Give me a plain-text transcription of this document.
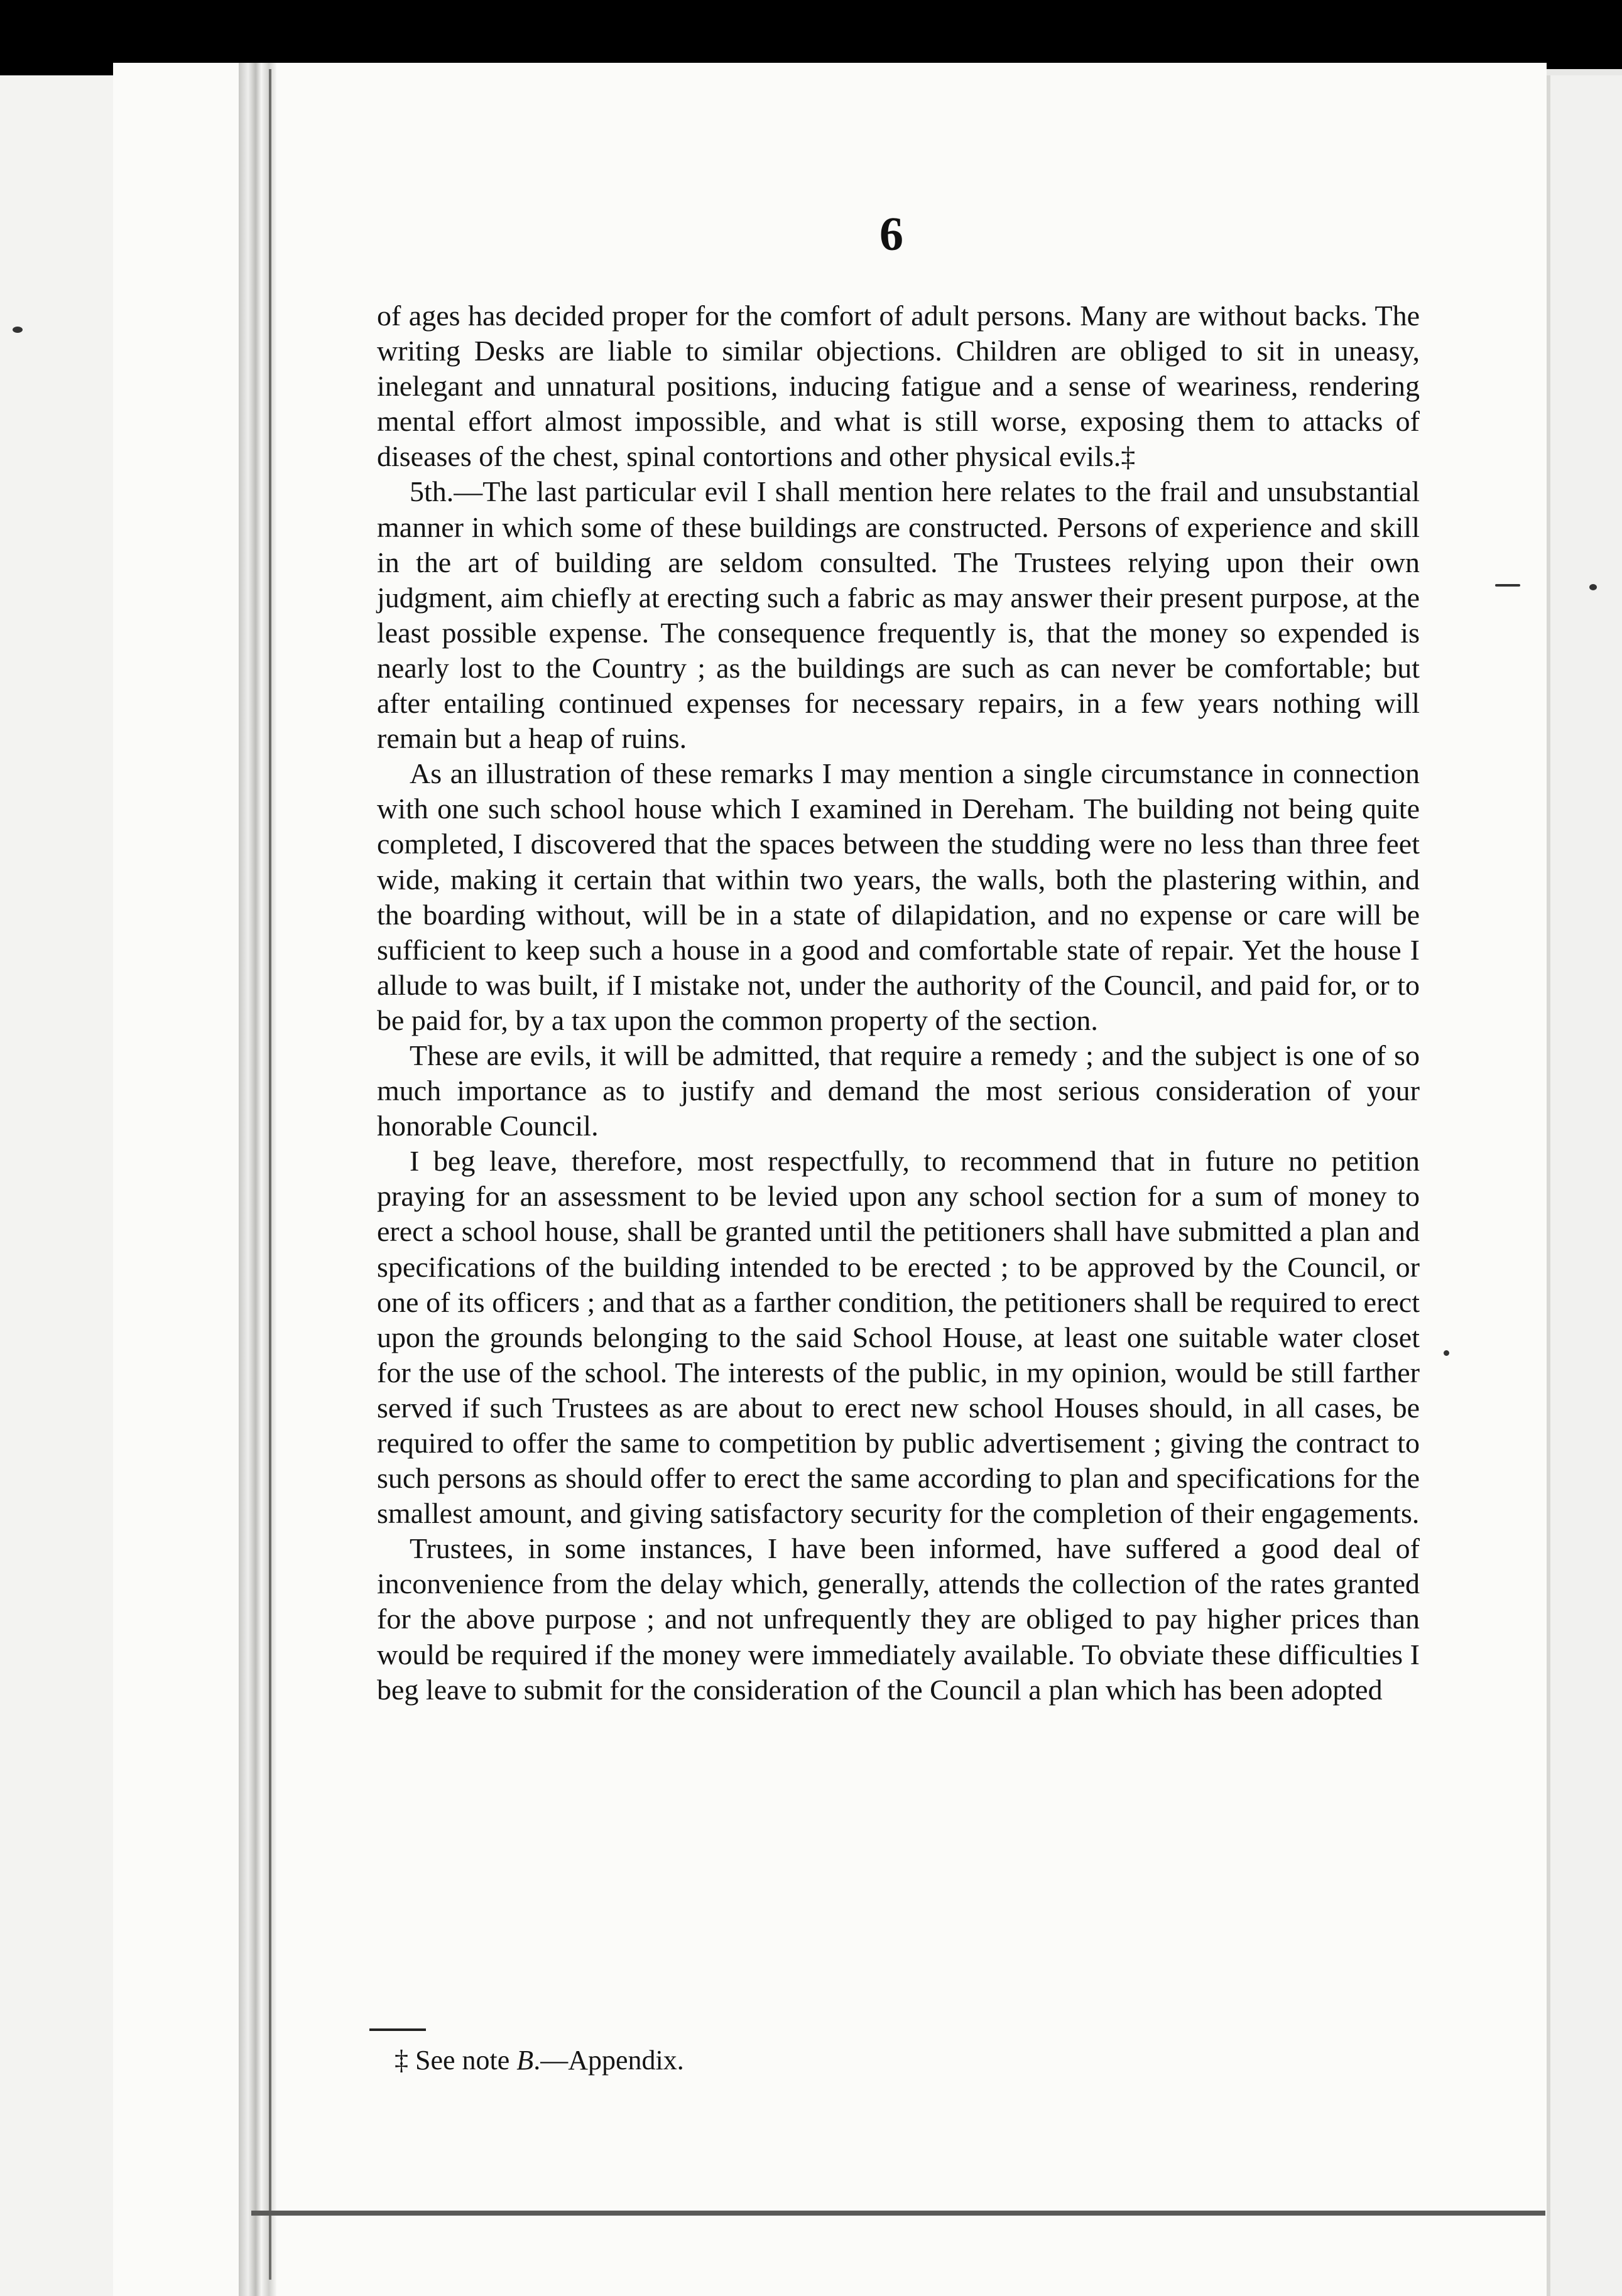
6

of ages has decided proper for the comfort of adult persons. Many are without backs. The writing Desks are liable to similar objections. Children are obliged to sit in uneasy, inelegant and unnatural positions, inducing fatigue and a sense of weariness, rendering mental effort almost impossible, and what is still worse, exposing them to attacks of diseases of the chest, spinal contortions and other physical evils.‡

5th.—The last particular evil I shall mention here relates to the frail and unsubstantial manner in which some of these buildings are constructed. Persons of experience and skill in the art of building are seldom consulted. The Trustees relying upon their own judgment, aim chiefly at erecting such a fabric as may answer their present purpose, at the least possible expense. The consequence frequently is, that the money so expended is nearly lost to the Country ; as the buildings are such as can never be comfortable; but after entailing continued expenses for necessary repairs, in a few years nothing will remain but a heap of ruins.

As an illustration of these remarks I may mention a single circumstance in connection with one such school house which I examined in Dereham. The building not being quite completed, I discovered that the spaces between the studding were no less than three feet wide, making it certain that within two years, the walls, both the plastering within, and the boarding without, will be in a state of dilapidation, and no expense or care will be sufficient to keep such a house in a good and comfortable state of repair. Yet the house I allude to was built, if I mistake not, under the authority of the Council, and paid for, or to be paid for, by a tax upon the common property of the section.

These are evils, it will be admitted, that require a remedy ; and the subject is one of so much importance as to justify and demand the most serious consideration of your honorable Council.

I beg leave, therefore, most respectfully, to recommend that in future no petition praying for an assessment to be levied upon any school section for a sum of money to erect a school house, shall be granted until the petitioners shall have submitted a plan and specifications of the building intended to be erected ; to be approved by the Council, or one of its officers ; and that as a farther condition, the petitioners shall be required to erect upon the grounds belonging to the said School House, at least one suitable water closet for the use of the school. The interests of the public, in my opinion, would be still farther served if such Trustees as are about to erect new school Houses should, in all cases, be required to offer the same to competition by public advertisement ; giving the contract to such persons as should offer to erect the same according to plan and specifications for the smallest amount, and giving satisfactory security for the completion of their engagements.

Trustees, in some instances, I have been informed, have suffered a good deal of inconvenience from the delay which, generally, attends the collection of the rates granted for the above purpose ; and not unfrequently they are obliged to pay higher prices than would be required if the money were immediately available. To obviate these difficulties I beg leave to submit for the consideration of the Council a plan which has been adopted

‡ See note B.—Appendix.
